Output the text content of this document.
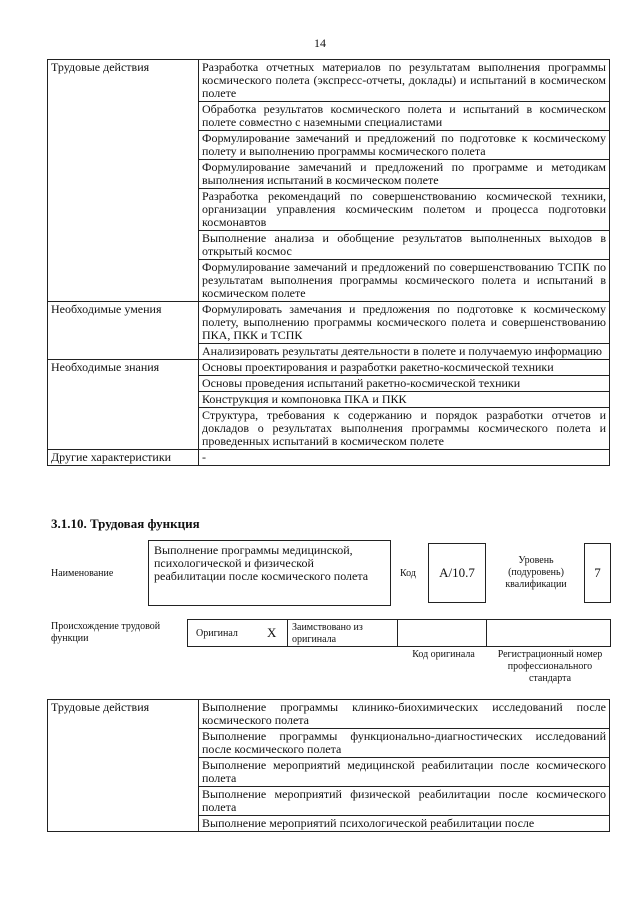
14
Трудовые действия	Разработка отчетных материалов по результатам выполнения программы космического полета (экспресс-отчеты, доклады) и испытаний в космическом полете
	Обработка результатов космического полета и испытаний в космическом полете совместно с наземными специалистами
	Формулирование замечаний и предложений по подготовке к космическому полету и выполнению программы космического полета
	Формулирование замечаний и предложений по программе и методикам выполнения испытаний в космическом полете
	Разработка рекомендаций по совершенствованию космической техники, организации управления космическим полетом и процесса подготовки космонавтов
	Выполнение анализа и обобщение результатов выполненных выходов в открытый космос
	Формулирование замечаний и предложений по совершенствованию ТСПК по результатам выполнения программы космического полета и испытаний в космическом полете
Необходимые умения	Формулировать замечания и предложения по подготовке к космическому полету, выполнению программы космического полета и совершенствованию ПКА, ПКК и ТСПК
	Анализировать результаты деятельности в полете и получаемую информацию
Необходимые знания	Основы проектирования и разработки ракетно-космической техники
	Основы проведения испытаний ракетно-космической техники
	Конструкция и компоновка ПКА и ПКК
	Структура, требования к содержанию и порядок разработки отчетов и докладов о результатах выполнения программы космического полета и проведенных испытаний в космическом полете
Другие характеристики	-
3.1.10. Трудовая функция
Наименование
Выполнение программы медицинской, психологической и физической реабилитации после космического полета	Код	А/10.7
Уровень (подуровень) квалификации
7
Происхождение трудовой функции	Оригинал X	Заимствовано из оригинала
Код оригинала	Регистрационный номер профессионального стандарта
Трудовые действия	Выполнение программы клинико-биохимических исследований после космического полета
Выполнение программы функционально-диагностических исследований после космического полета
Выполнение мероприятий медицинской реабилитации после космического полета
Выполнение мероприятий физической реабилитации после космического полета
Выполнение мероприятий психологической реабилитации после
